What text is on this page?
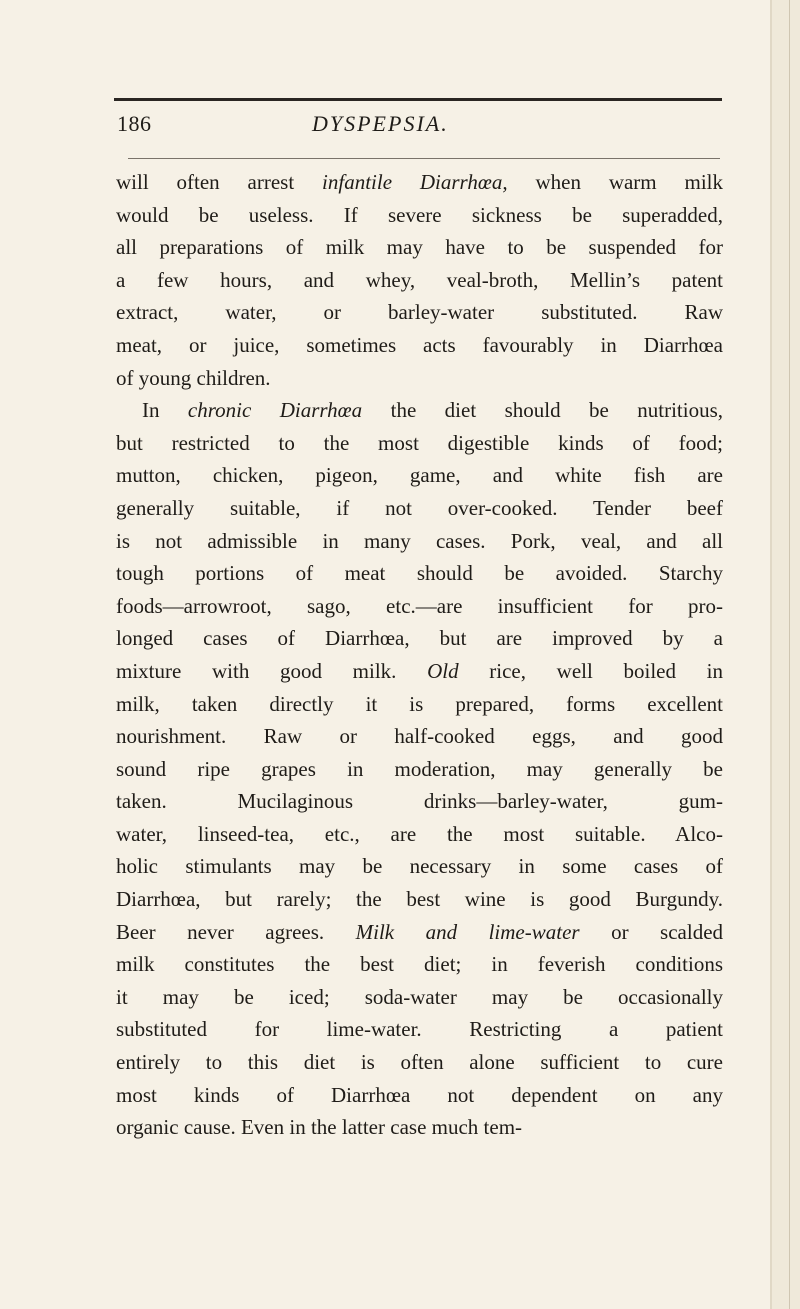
186	DYSPEPSIA.
will often arrest infantile Diarrhœa, when warm milk
would be useless. If severe sickness be superadded,
all preparations of milk may have to be suspended for
a few hours, and whey, veal-broth, Mellin’s patent
extract, water, or barley-water substituted. Raw
meat, or juice, sometimes acts favourably in Diarrhœa
of young children.
In chronic Diarrhœa the diet should be nutritious,
but restricted to the most digestible kinds of food;
mutton, chicken, pigeon, game, and white fish are
generally suitable, if not over-cooked. Tender beef
is not admissible in many cases. Pork, veal, and all
tough portions of meat should be avoided. Starchy
foods—arrowroot, sago, etc.—are insufficient for pro-
longed cases of Diarrhœa, but are improved by a
mixture with good milk. Old rice, well boiled in
milk, taken directly it is prepared, forms excellent
nourishment. Raw or half-cooked eggs, and good
sound ripe grapes in moderation, may generally be
taken. Mucilaginous drinks—barley-water, gum-
water, linseed-tea, etc., are the most suitable. Alco-
holic stimulants may be necessary in some cases of
Diarrhœa, but rarely; the best wine is good Burgundy.
Beer never agrees. Milk and lime-water or scalded
milk constitutes the best diet; in feverish conditions
it may be iced; soda-water may be occasionally
substituted for lime-water. Restricting a patient
entirely to this diet is often alone sufficient to cure
most kinds of Diarrhœa not dependent on any
organic cause. Even in the latter case much tem-
